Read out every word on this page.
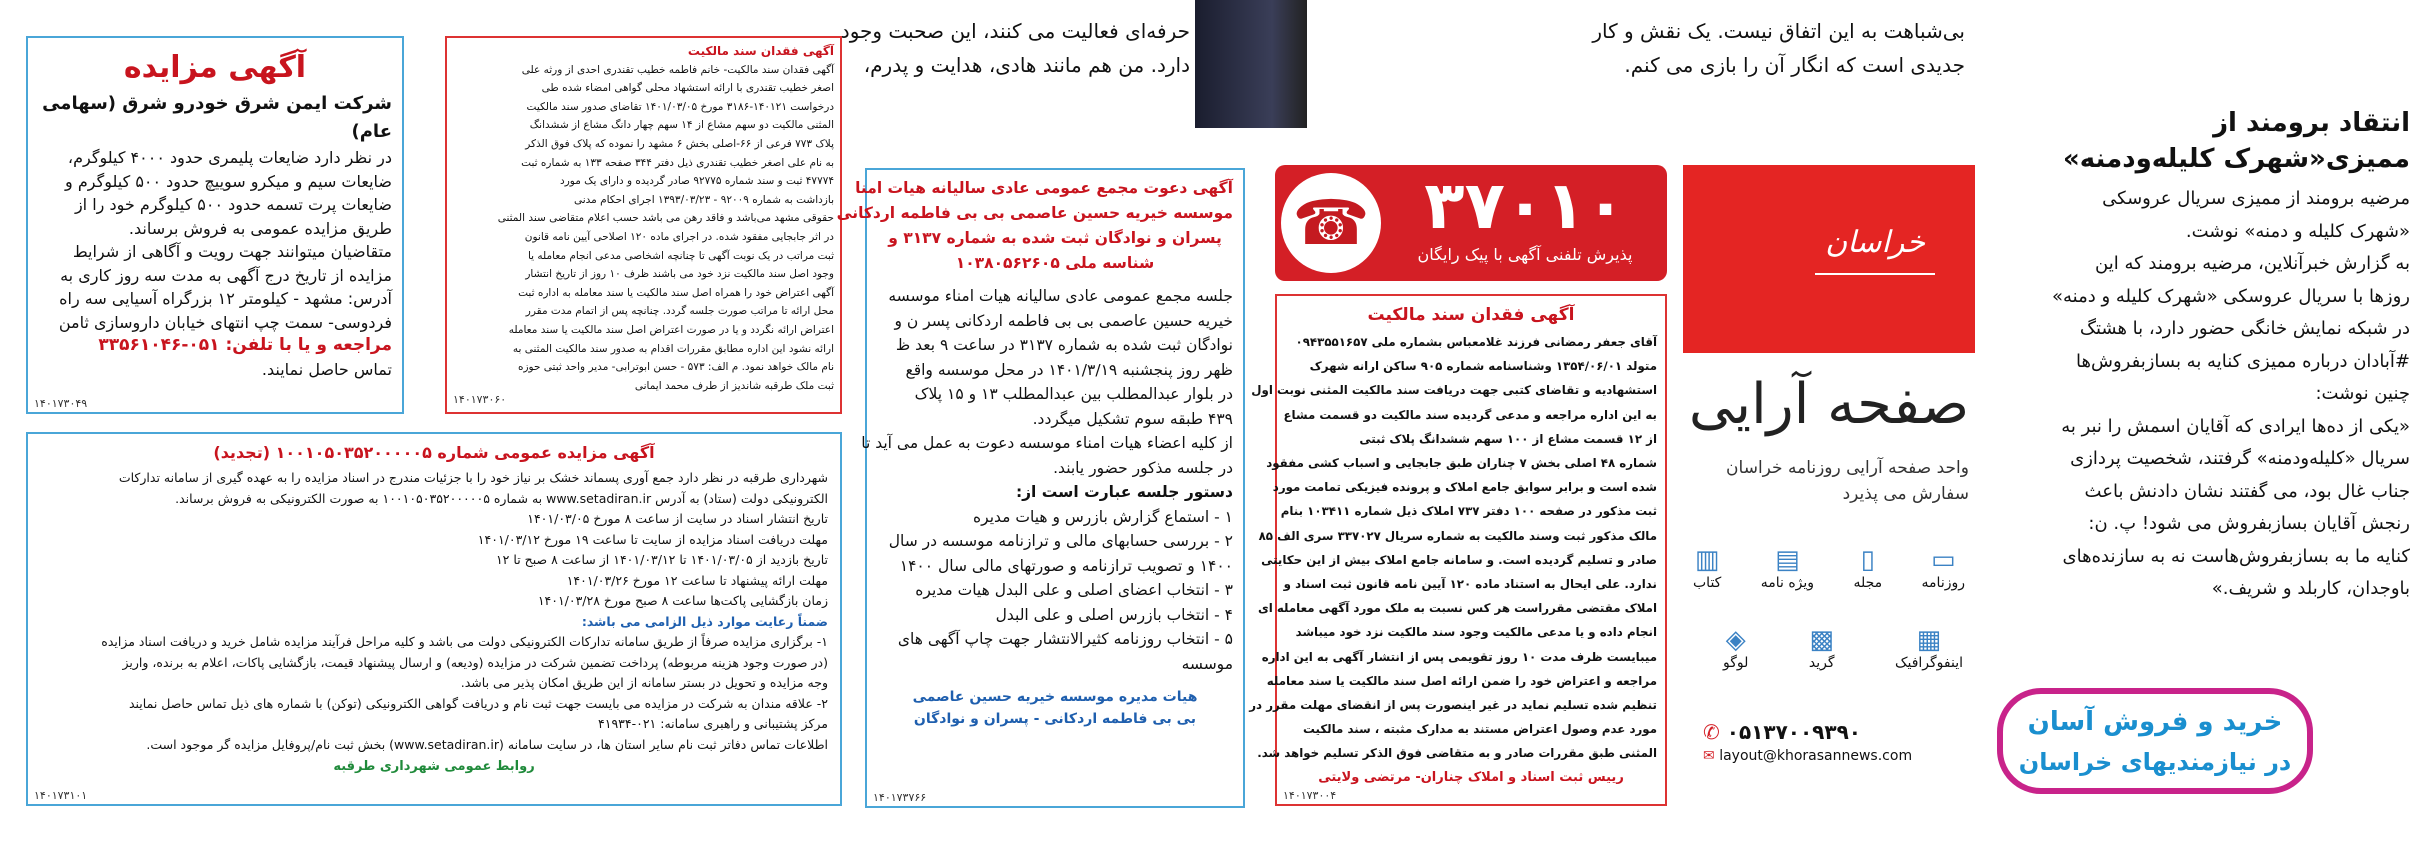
حرفه‌ای فعالیت می کنند، این صحبت وجود

دارد. من هم مانند هادی، هدایت و پدرم،

بی‌شباهت به این اتفاق نیست. یک نقش و کار

جدیدی است که انگار آن را بازی می کنم.

انتقاد برومند از

ممیزی«شهرک کلیله‌ودمنه»

مرضیه برومند از ممیزی سریال عروسکی

«شهرک کلیله و دمنه» نوشت.

به گزارش خبرآنلاین، مرضیه برومند که این

روزها با سریال عروسکی «شهرک کلیله و دمنه»

در شبکه نمایش خانگی حضور دارد، با هشتگ

#آبادان درباره ممیزی کنایه به بسازبفروش‌ها

چنین نوشت:

«یکی از ده‌ها ایرادی که آقایان اسمش را نبر به

سریال «کلیله‌ودمنه» گرفتند، شخصیت پردازی

جناب غال بود، می گفتند نشان دادنش باعث

رنجش آقایان بسازبفروش می شود! پ. ن:

کنایه ما به بسازبفروش‌هاست نه به سازنده‌های

باوجدان، کاربلد و شریف.»

☎ ۳۷۰۱۰
پذیرش تلفنی آگهی با پیک رایگان	خراسان
صفحه آرایی

واحد صفحه آرایی روزنامه خراسان

سفارش می پذیرد

▭
روزنامه
▯
مجله
▤
ویژه نامه
▥
کتاب
▦
اینفوگرافیک
▩
گرید
◈
لوگو
✆ ۰۵۱۳۷۰۰۹۳۹۰
✉ layout@khorasannews.com
خرید و فروش آسان
در نیازمندیهای خراسان
آگهی مزایده
شرکت ایمن شرق خودرو شرق (سهامی عام)

در نظر دارد ضایعات پلیمری حدود ۴۰۰۰ کیلوگرم،

ضایعات سیم و میکرو سوییچ حدود ۵۰۰ کیلوگرم و

ضایعات پرت تسمه حدود ۵۰۰ کیلوگرم خود را از

طریق مزایده عمومی به فروش برساند.

متقاضیان میتوانند جهت رویت و آگاهی از شرایط

مزایده از تاریخ درج آگهی به مدت سه روز کاری به

آدرس: مشهد - کیلومتر ۱۲ بزرگراه آسیایی سه راه

فردوسی- سمت چپ انتهای خیابان داروسازی ثامن

مراجعه و یا با تلفن: ۰۵۱-۳۳۵۶۱۰۴۶

تماس حاصل نمایند.

۱۴۰۱۷۳۰۴۹
آگهی فقدان سند مالکیت

آگهی فقدان سند مالکیت- خانم فاطمه خطیب تقندری احدی از ورثه علی

اصغر خطیب تقندری با ارائه استشهاد محلی گواهی امضاء شده طی

درخواست ۱۴۰۱۲۱-۳۱۸۶ مورخ ۱۴۰۱/۰۳/۰۵ تقاضای صدور سند مالکیت

المثنی مالکیت دو سهم مشاع از ۱۴ سهم چهار دانگ مشاع از ششدانگ

پلاک ۷۷۳ فرعی از ۶۶-اصلی بخش ۶ مشهد را نموده که پلاک فوق الذکر

به نام علی اصغر خطیب تقندری ذیل دفتر ۳۴۴ صفحه ۱۳۳ به شماره ثبت

۴۷۷۷۴ ثبت و سند شماره ۹۲۷۷۵ صادر گردیده و دارای یک مورد

بازداشت به شماره ۹۲۰۰۹ - ۱۳۹۳/۰۳/۲۳ اجرای احکام مدنی

حقوقی مشهد می‌باشد و فاقد رهن می باشد حسب اعلام متقاضی سند المثنی

در اثر جابجایی مفقود شده. در اجرای ماده ۱۲۰ اصلاحی آیین نامه قانون

ثبت مراتب در یک نوبت آگهی تا چنانچه اشخاصی مدعی انجام معامله یا

وجود اصل سند مالکیت نزد خود می باشند ظرف ۱۰ روز از تاریخ انتشار

آگهی اعتراض خود را همراه اصل سند مالکیت یا سند معامله به اداره ثبت

محل ارائه تا مراتب صورت جلسه گردد. چنانچه پس از اتمام مدت مقرر

اعتراض ارائه نگردد و یا در صورت اعتراض اصل سند مالکیت یا سند معامله

ارائه نشود این اداره مطابق مقررات اقدام به صدور سند مالکیت المثنی به

نام مالک خواهد نمود. م الف: ۵۷۳ - حسن ابوترابی- مدیر واحد ثبتی حوزه

ثبت ملک طرقبه شاندیز از طرف محمد ایمانی

۱۴۰۱۷۳۰۶۰

آگهی دعوت مجمع عمومی عادی سالیانه هیات امنا

موسسه خیریه حسین عاصمی بی بی فاطمه اردکانی

پسران و نوادگان ثبت شده به شماره ۳۱۳۷ و

شناسه ملی ۱۰۳۸۰۵۶۲۶۰۵

جلسه مجمع عمومی عادی سالیانه هیات امناء موسسه

خیریه حسین عاصمی بی بی فاطمه اردکانی پسر ن و

نوادگان ثبت شده به شماره ۳۱۳۷ در ساعت ۹ بعد ظ

ظهر روز پنجشنبه ۱۴۰۱/۳/۱۹ در محل موسسه واقع

در بلوار عبدالمطلب بین عبدالمطلب ۱۳ و ۱۵ پلاک

۴۳۹ طبقه سوم تشکیل میگردد.

از کلیه اعضاء هیات امناء موسسه دعوت به عمل می آید تا

در جلسه مذکور حضور یابند.

دستور جلسه عبارت است از:

۱ - استماع گزارش بازرس و هیات مدیره

۲ - بررسی حسابهای مالی و ترازنامه موسسه در سال

۱۴۰۰ و تصویب ترازنامه و صورتهای مالی سال ۱۴۰۰

۳ - انتخاب اعضای اصلی و علی البدل هیات مدیره

۴ - انتخاب بازرس اصلی و علی البدل

۵ - انتخاب روزنامه کثیرالانتشار جهت چاپ آگهی های

موسسه

هیات مدیره موسسه خیریه حسین عاصمی

بی بی فاطمه اردکانی - پسران و نوادگان

۱۴۰۱۷۳۷۶۶
آگهی فقدان سند مالکیت

آقای جعفر رمضانی فرزند غلامعباس بشماره ملی ۰۹۴۳۵۵۱۶۵۷

متولد ۱۳۵۴/۰۶/۰۱ وشناسنامه شماره ۹۰۵ ساکن ارانه شهرک

استشهادیه و تقاضای کتبی جهت دریافت سند مالکیت المثنی نوبت اول

به این اداره مراجعه و مدعی گردیده سند مالکیت دو قسمت مشاع

از ۱۲ قسمت مشاع از ۱۰۰ سهم ششدانگ پلاک ثبتی

شماره ۴۸ اصلی بخش ۷ چناران طبق جابجایی و اسباب کشی مفقود

شده است و برابر سوابق جامع املاک و پرونده فیزیکی تمامت مورد

ثبت مذکور در صفحه ۱۰۰ دفتر ۷۳۷ املاک ذیل شماره ۱۰۳۴۱۱ بنام

مالک مذکور ثبت وسند مالکیت به شماره سریال ۳۳۷۰۲۷ سری الف ۸۵

صادر و تسلیم گردیده است. و سامانه جامع املاک بیش از این حکایتی

ندارد. علی ایحال به استناد ماده ۱۲۰ آیین نامه قانون ثبت اسناد و

املاک مقتضی مقرراست هر کس نسبت به ملک مورد آگهی معامله ای

انجام داده و یا مدعی مالکیت وجود سند مالکیت نزد خود میباشد

میبایست ظرف مدت ۱۰ روز تقویمی پس از انتشار آگهی به این اداره

مراجعه و اعتراض خود را ضمن ارائه اصل سند مالکیت یا سند معامله

تنظیم شده تسلیم نماید در غیر اینصورت پس از انقضای مهلت مقرر در

مورد عدم وصول اعتراض مستند به مدارک مثبته ، سند مالکیت

المثنی طبق مقررات صادر و به متقاضی فوق الذکر تسلیم خواهد شد.

رییس ثبت اسناد و املاک چناران- مرتضی ولایتی
۱۴۰۱۷۳۰۰۴
آگهی مزایده عمومی شماره ۱۰۰۱۰۵۰۳۵۲۰۰۰۰۰۵ (تجدید)

شهرداری طرقبه در نظر دارد جمع آوری پسماند خشک بر نیاز خود را با جزئیات مندرج در اسناد مزایده را به عهده گیری از سامانه تدارکات

الکترونیکی دولت (ستاد) به آدرس www.setadiran.ir به شماره ۱۰۰۱۰۵۰۳۵۲۰۰۰۰۰۵ به صورت الکترونیکی به فروش برساند.

تاریخ انتشار اسناد در سایت از ساعت ۸ مورخ ۱۴۰۱/۰۳/۰۵

مهلت دریافت اسناد مزایده از سایت تا ساعت ۱۹ مورخ ۱۴۰۱/۰۳/۱۲

تاریخ بازدید از ۱۴۰۱/۰۳/۰۵ تا ۱۴۰۱/۰۳/۱۲ از ساعت ۸ صبح تا ۱۲

مهلت ارائه پیشنهاد تا ساعت ۱۲ مورخ ۱۴۰۱/۰۳/۲۶

زمان بازگشایی پاکت‌ها ساعت ۸ صبح مورخ ۱۴۰۱/۰۳/۲۸

ضمناً رعایت موارد ذیل الزامی می باشد:

۱- برگزاری مزایده صرفاً از طریق سامانه تدارکات الکترونیکی دولت می باشد و کلیه مراحل فرآیند مزایده شامل خرید و دریافت اسناد مزایده

(در صورت وجود هزینه مربوطه) پرداخت تضمین شرکت در مزایده (ودیعه) و ارسال پیشنهاد قیمت، بازگشایی پاکات، اعلام به برنده، واریز

وجه مزایده و تحویل در بستر سامانه از این طریق امکان پذیر می باشد.

۲- علاقه مندان به شرکت در مزایده می بایست جهت ثبت نام و دریافت گواهی الکترونیکی (توکن) با شماره های ذیل تماس حاصل نمایند

مرکز پشتیبانی و راهبری سامانه: ۰۲۱-۴۱۹۳۴

اطلاعات تماس دفاتر ثبت نام سایر استان ها، در سایت سامانه (www.setadiran.ir) بخش ثبت نام/پروفایل مزایده گر موجود است.

روابط عمومی شهرداری طرقبه
۱۴۰۱۷۳۱۰۱
